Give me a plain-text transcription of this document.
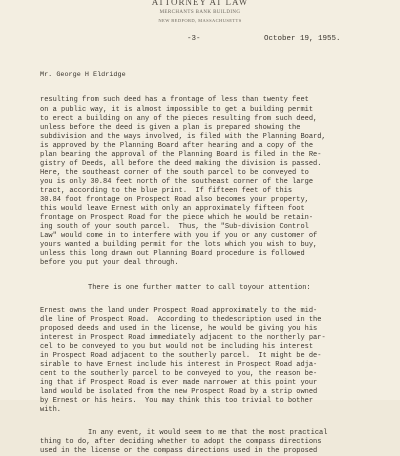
ATTORNEY AT LAW
MERCHANTS BANK BUILDING
NEW BEDFORD, MASSACHUSETTS
-3-	October 19, 1955.
Mr. George H Eldridge
resulting from such deed has a frontage of less than twenty feet
on a public way, it is almost impossible to get a building permit
to erect a building on any of the pieces resulting from such deed,
unless before the deed is given a plan is prepared showing the
subdivision and the ways involved, is filed with the Planning Board,
is approved by the Planning Board after hearing and a copy of the
plan bearing the approval of the Planning Board is filed in the Re-
gistry of Deeds, all before the deed making the division is passed.
Here, the southeast corner of the south parcel to be conveyed to
you is only 30.84 feet north of the southeast corner of the large
tract, according to the blue print.  If fifteen feet of this
30.84 foot frontage on Prospect Road also becomes your property,
this would leave Ernest with only an approximately fifteen foot
frontage on Prospect Road for the piece which he would be retain-
ing south of your south parcel.  Thus, the "Sub-division Control
Law" would come in to interfere with you if you or any customer of
yours wanted a building permit for the lots which you wish to buy,
unless this long drawn out Planning Board procedure is followed
before you put your deal through.
There is one further matter to call toyour attention:
Ernest owns the land under Prospect Road approximately to the mid-
dle line of Prospect Road.  According to thedescription used in the
proposed deeds and used in the license, he would be giving you his
interest in Prospect Road immediately adjacent to the northerly par-
cel to be conveyed to you but would not be including his interest
in Prospect Road adjacent to the southerly parcel.  It might be de-
sirable to have Ernest include his interest in Prospect Road adja-
cent to the southerly parcel to be conveyed to you, the reason be-
ing that if Prospect Road is ever made narrower at this point your
land would be isolated from the new Prospect Road by a strip owned
by Ernest or his heirs.  You may think this too trivial to bother
with.
In any event, it would seem to me that the most practical
thing to do, after deciding whether to adopt the compass directions
used in the license or the compass directions used in the proposed
